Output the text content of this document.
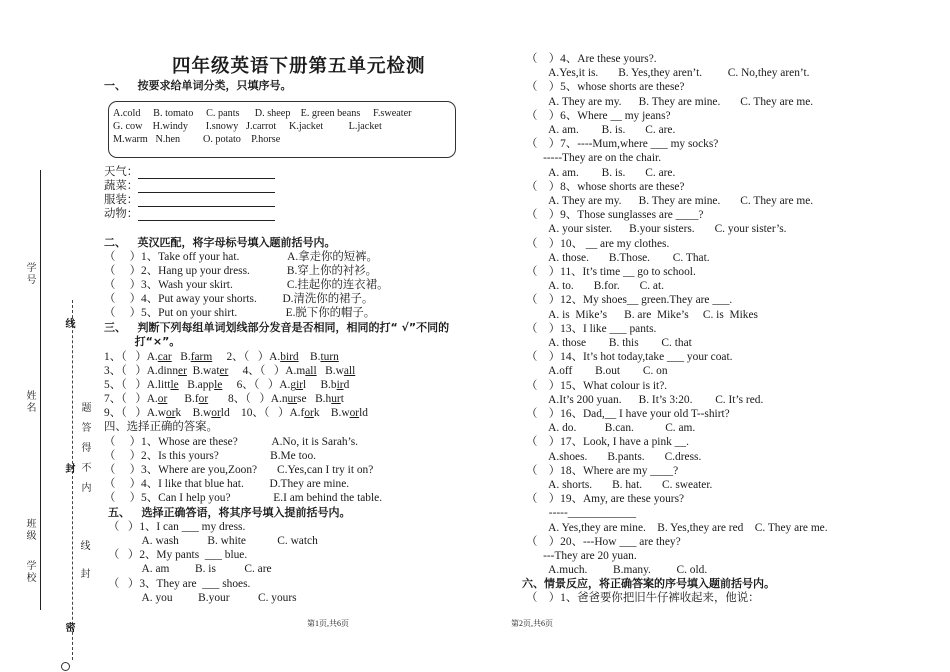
学号
姓名
班级
学校
线
封
密
题答得不内
线
封
四年级英语下册第五单元检测
一、   按要求给单词分类，只填序号。
A.cold     B. tomato     C. pants      D. sheep    E. green beans     F.sweater
G. cow    H.windy       I.snowy   J.carrot     K.jacket          L.jacket
M.warm   N.hen         O. potato    P.horse
天气：
蔬菜：
服装：
动物：
二、   英汉匹配，将字母标号填入题前括号内。
（     ）1、Take off your hat.                 A.拿走你的短裤。
（     ）2、Hang up your dress.             B.穿上你的衬衫。
（     ）3、Wash your skirt.                   C.挂起你的连衣裙。
（     ）4、Put away your shorts.         D.清洗你的裙子。
（     ）5、Put on your shirt.                 E.脱下你的帽子。
三、   判断下列每组单词划线部分发音是否相同，相同的打“ √”不同的
打“×”。
1、（   ）A.car   B.farm     2、（   ）A.bird    B.turn
3、（   ）A.dinner  B.water     4、（   ）A.mall   B.wall
5、（   ）A.little   B.apple     6、（   ）A.girl     B.bird
7、（   ）A.or      B.for       8、（   ）A.nurse   B.hurt
9、（   ）A.work    B.world    10、（   ）A.fork    B.world
四、选择正确的答案。
（     ）1、Whose are these?            A.No, it is Sarah’s.
（     ）2、Is this yours?                  B.Me too.
（     ）3、Where are you,Zoon?       C.Yes,can I try it on?
（     ）4、I like that blue hat.         D.They are mine.
（     ）5、Can I help you?               E.I am behind the table.
五、   选择正确答语，将其序号填入提前括号内。
（   ）1、I can ___ my dress.
A. wash          B. white           C. watch
（   ）2、My pants  ___ blue.
A. am         B. is          C. are
（   ）3、They are  ___ shoes.
A. you         B.your          C. yours
第1页,共6页
（    ）4、Are these yours?.
A.Yes,it is.       B. Yes,they aren’t.         C. No,they aren’t.
（    ）5、whose shorts are these?
A. They are my.      B. They are mine.       C. They are me.
（    ）6、Where __ my jeans?
A. am.        B. is.       C. are.
（    ）7、----Mum,where ___ my socks?
-----They are on the chair.
A. am.        B. is.       C. are.
（    ）8、whose shorts are these?
A. They are my.      B. They are mine.       C. They are me.
（    ）9、Those sunglasses are ____?
A. your sister.      B.your sisters.       C. your sister’s.
（    ）10、 __ are my clothes.
A. those.       B.Those.        C. That.
（    ）11、It’s time __ go to school.
A. to.       B.for.       C. at.
（    ）12、My shoes__ green.They are ___.
A. is  Mike’s      B. are  Mike’s     C. is  Mikes
（    ）13、I like ___ pants.
A. those        B. this        C. that
（    ）14、It’s hot today,take ___ your coat.
A.off        B.out        C. on
（    ）15、What colour is it?.
A.It’s 200 yuan.      B. It’s 3:20.        C. It’s red.
（    ）16、Dad,__ I have your old T--shirt?
A. do.          B.can.           C. am.
（    ）17、Look, I have a pink __.
A.shoes.       B.pants.       C.dress.
（    ）18、Where are my ____?
A. shorts.       B. hat.       C. sweater.
（    ）19、Amy, are these yours?
-----____________
A. Yes,they are mine.    B. Yes,they are red    C. They are me.
（    ）20、---How ___ are they?
---They are 20 yuan.
A.much.         B.many.         C. old.
六、情景反应，将正确答案的序号填入题前括号内。
（    ）1、爸爸要你把旧牛仔裤收起来，他说：
第2页,共6页
